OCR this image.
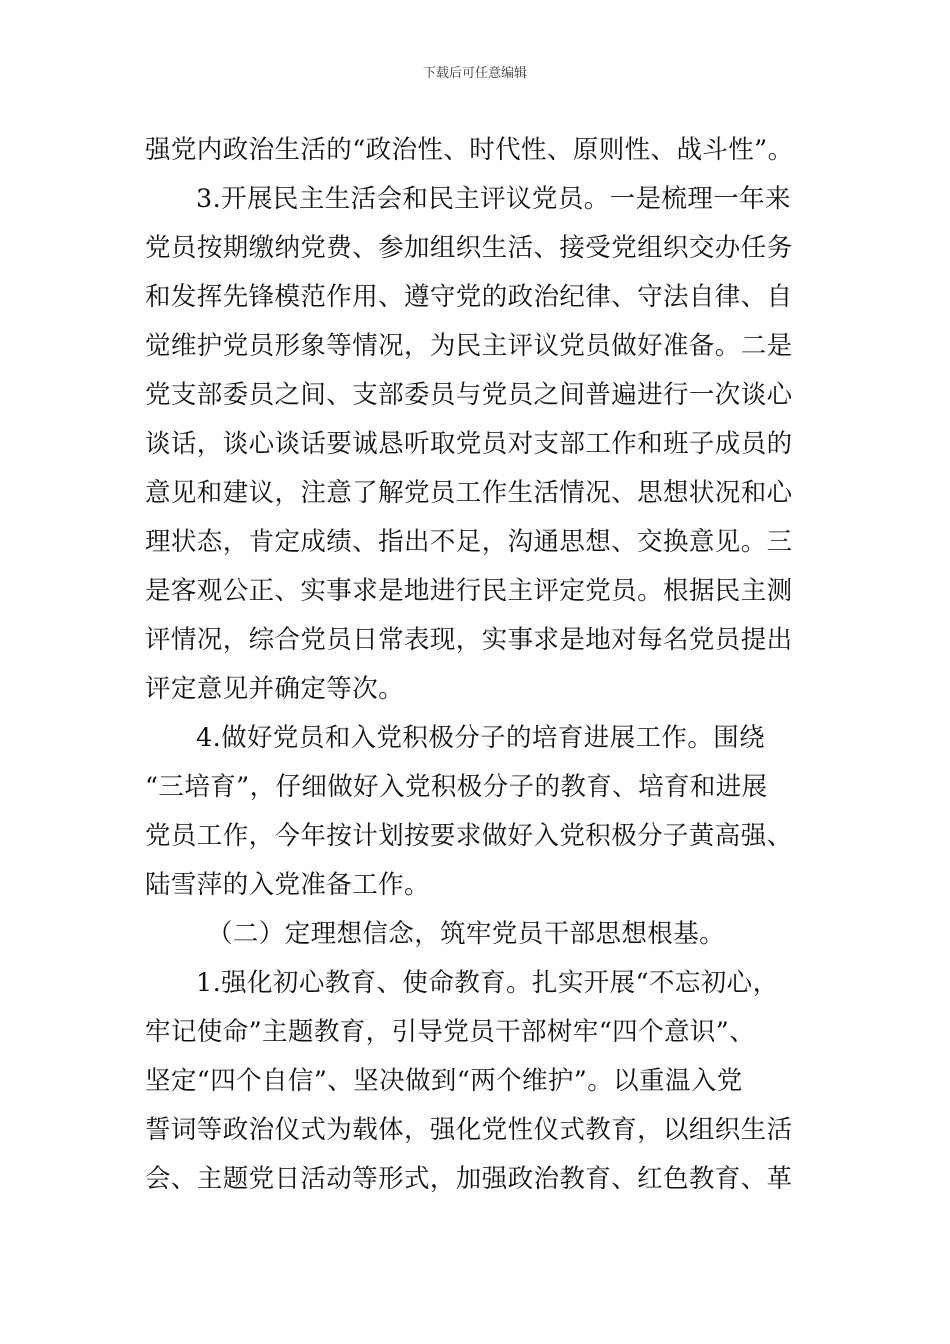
下载后可任意编辑
强党内政治生活的“政治性、时代性、原则性、战斗性”。
3.开展民主生活会和民主评议党员。一是梳理一年来
党员按期缴纳党费、参加组织生活、接受党组织交办任务
和发挥先锋模范作用、遵守党的政治纪律、守法自律、自
觉维护党员形象等情况，为民主评议党员做好准备。二是
党支部委员之间、支部委员与党员之间普遍进行一次谈心
谈话，谈心谈话要诚恳听取党员对支部工作和班子成员的
意见和建议，注意了解党员工作生活情况、思想状况和心
理状态，肯定成绩、指出不足，沟通思想、交换意见。三
是客观公正、实事求是地进行民主评定党员。根据民主测
评情况，综合党员日常表现，实事求是地对每名党员提出
评定意见并确定等次。
4.做好党员和入党积极分子的培育进展工作。围绕
“三培育”，仔细做好入党积极分子的教育、培育和进展
党员工作，今年按计划按要求做好入党积极分子黄高强、
陆雪萍的入党准备工作。
（二）定理想信念，筑牢党员干部思想根基。
1.强化初心教育、使命教育。扎实开展“不忘初心，
牢记使命”主题教育，引导党员干部树牢“四个意识”、
坚定“四个自信”、坚决做到“两个维护”。以重温入党
誓词等政治仪式为载体，强化党性仪式教育，以组织生活
会、主题党日活动等形式，加强政治教育、红色教育、革
